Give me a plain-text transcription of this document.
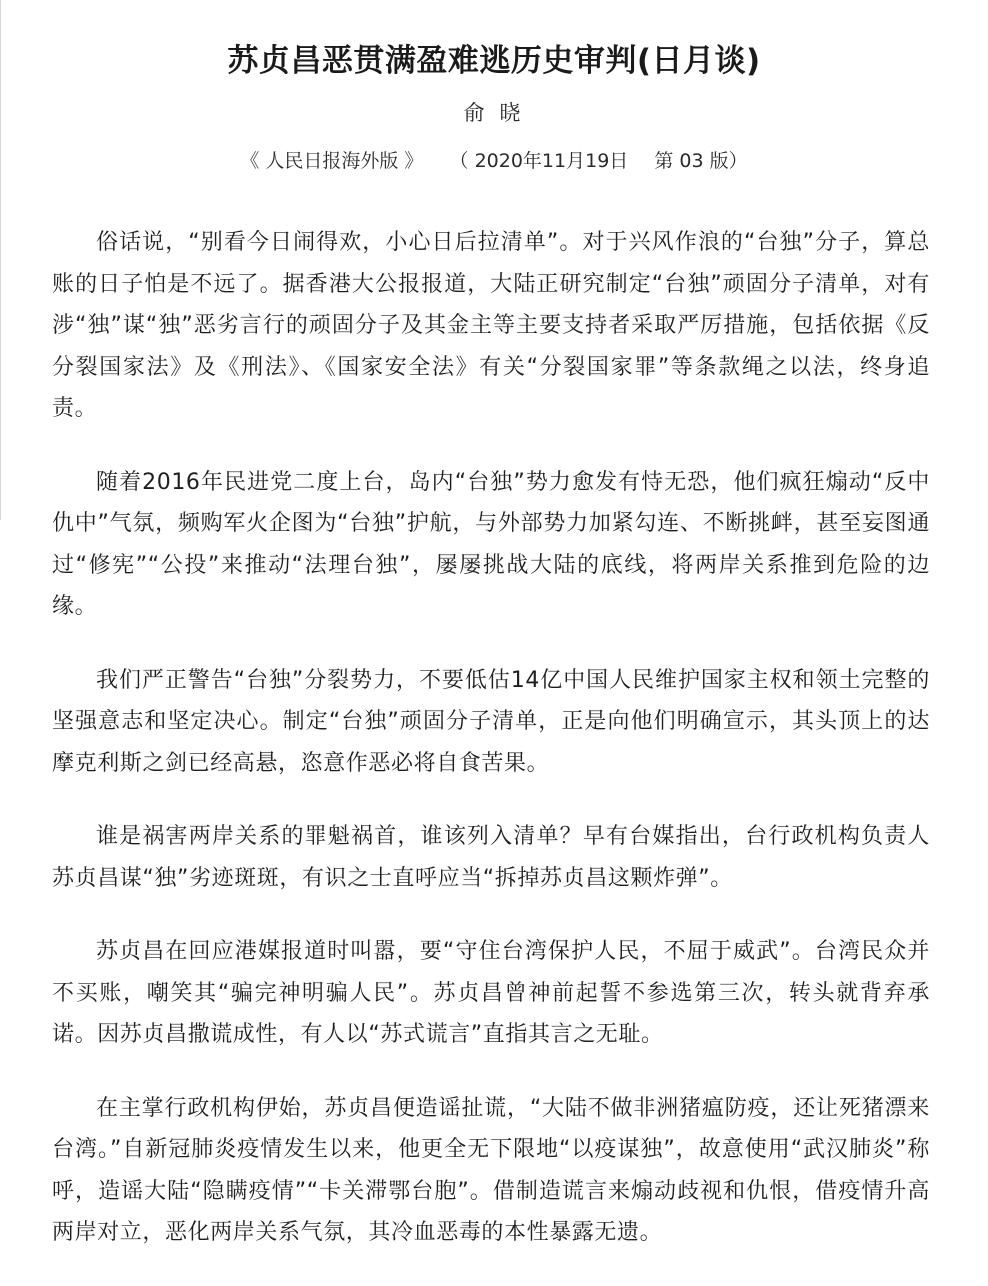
苏贞昌恶贯满盈难逃历史审判(日月谈)
俞 晓
《 人民日报海外版 》 （ 2020年11月19日 第 03 版）

俗话说，“别看今日闹得欢，小心日后拉清单”。对于兴风作浪的“台独”分子，算总账的日子怕是不远了。据香港大公报报道，大陆正研究制定“台独”顽固分子清单，对有涉“独”谋“独”恶劣言行的顽固分子及其金主等主要支持者采取严厉措施，包括依据《反分裂国家法》及《刑法》、《国家安全法》有关“分裂国家罪”等条款绳之以法，终身追责。

随着2016年民进党二度上台，岛内“台独”势力愈发有恃无恐，他们疯狂煽动“反中仇中”气氛，频购军火企图为“台独”护航，与外部势力加紧勾连、不断挑衅，甚至妄图通过“修宪”“公投”来推动“法理台独”，屡屡挑战大陆的底线，将两岸关系推到危险的边缘。

我们严正警告“台独”分裂势力，不要低估14亿中国人民维护国家主权和领土完整的坚强意志和坚定决心。制定“台独”顽固分子清单，正是向他们明确宣示，其头顶上的达摩克利斯之剑已经高悬，恣意作恶必将自食苦果。

谁是祸害两岸关系的罪魁祸首，谁该列入清单？早有台媒指出，台行政机构负责人苏贞昌谋“独”劣迹斑斑，有识之士直呼应当“拆掉苏贞昌这颗炸弹”。

苏贞昌在回应港媒报道时叫嚣，要“守住台湾保护人民，不屈于威武”。台湾民众并不买账，嘲笑其“骗完神明骗人民”。苏贞昌曾神前起誓不参选第三次，转头就背弃承诺。因苏贞昌撒谎成性，有人以“苏式谎言”直指其言之无耻。

在主掌行政机构伊始，苏贞昌便造谣扯谎，“大陆不做非洲猪瘟防疫，还让死猪漂来台湾。”自新冠肺炎疫情发生以来，他更全无下限地“以疫谋独”，故意使用“武汉肺炎”称呼，造谣大陆“隐瞒疫情”“卡关滞鄂台胞”。借制造谎言来煽动歧视和仇恨，借疫情升高两岸对立，恶化两岸关系气氛，其冷血恶毒的本性暴露无遗。
